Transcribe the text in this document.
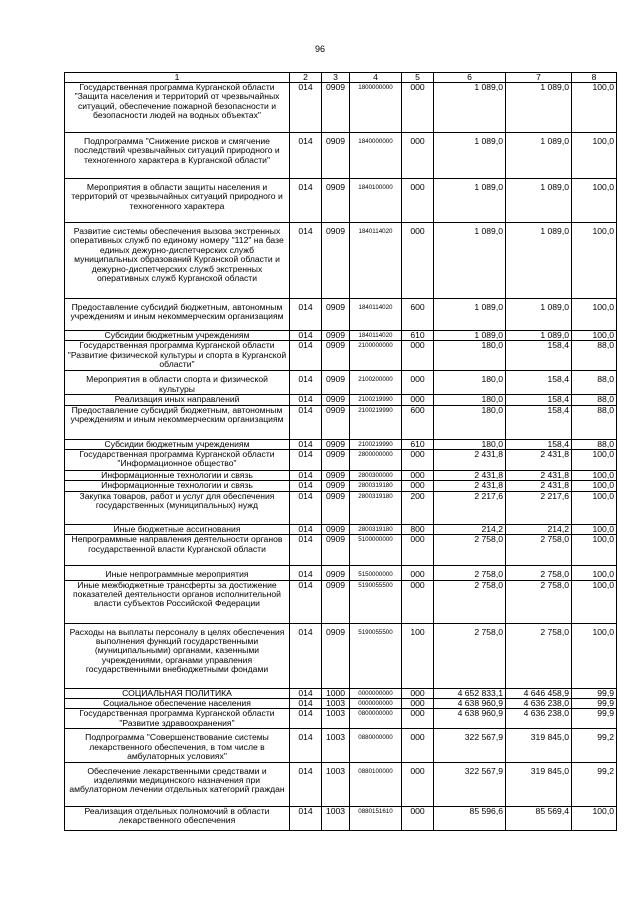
96
1	2	3	4	5	6	7	8
Государственная программа Курганской области "Защита населения и территорий от чрезвычайных ситуаций, обеспечение пожарной безопасности и безопасности людей на водных объектах"	014	0909	1800000000	000	1 089,0	1 089,0	100,0
Подпрограмма "Снижение рисков и смягчение последствий чрезвычайных ситуаций природного и техногенного характера в Курганской области"	014	0909	1840000000	000	1 089,0	1 089,0	100,0
Мероприятия в области защиты населения и территорий от чрезвычайных ситуаций природного и техногенного характера	014	0909	1840100000	000	1 089,0	1 089,0	100,0
Развитие системы обеспечения вызова экстренных оперативных служб по единому номеру "112" на базе единых дежурно-диспетчерских служб муниципальных образований Курганской области и дежурно-диспетчерских служб экстренных оперативных служб Курганской области	014	0909	1840114020	000	1 089,0	1 089,0	100,0
Предоставление субсидий бюджетным, автономным учреждениям и иным некоммерческим организациям	014	0909	1840114020	600	1 089,0	1 089,0	100,0
Субсидии бюджетным учреждениям	014	0909	1840114020	610	1 089,0	1 089,0	100,0
Государственная программа Курганской области "Развитие физической культуры и спорта в Курганской области"	014	0909	2100000000	000	180,0	158,4	88,0
Мероприятия в области спорта и физической культуры	014	0909	2100200000	000	180,0	158,4	88,0
Реализация иных направлений	014	0909	2100219990	000	180,0	158,4	88,0
Предоставление субсидий бюджетным, автономным учреждениям и иным некоммерческим организациям	014	0909	2100219990	600	180,0	158,4	88,0
Субсидии бюджетным учреждениям	014	0909	2100219990	610	180,0	158,4	88,0
Государственная программа Курганской области "Информационное общество"	014	0909	2800000000	000	2 431,8	2 431,8	100,0
Информационные технологии и связь	014	0909	2800300000	000	2 431,8	2 431,8	100,0
Информационные технологии и связь	014	0909	2800319180	000	2 431,8	2 431,8	100,0
Закупка товаров, работ и услуг для обеспечения государственных (муниципальных) нужд	014	0909	2800319180	200	2 217,6	2 217,6	100,0
Иные бюджетные ассигнования	014	0909	2800319180	800	214,2	214,2	100,0
Непрограммные направления деятельности органов государственной власти Курганской области	014	0909	5100000000	000	2 758,0	2 758,0	100,0
Иные непрограммные мероприятия	014	0909	5150000000	000	2 758,0	2 758,0	100,0
Иные межбюджетные трансферты за достижение показателей деятельности органов исполнительной власти субъектов Российской Федерации	014	0909	5190055500	000	2 758,0	2 758,0	100,0
Расходы на выплаты персоналу в целях обеспечения выполнения функций государственными (муниципальными) органами, казенными учреждениями, органами управления государственными внебюджетными фондами	014	0909	5190055500	100	2 758,0	2 758,0	100,0
СОЦИАЛЬНАЯ ПОЛИТИКА	014	1000	0000000000	000	4 652 833,1	4 646 458,9	99,9
Социальное обеспечение населения	014	1003	0000000000	000	4 638 960,9	4 636 238,0	99,9
Государственная программа Курганской области "Развитие здравоохранения"	014	1003	0800000000	000	4 638 960,9	4 636 238,0	99,9
Подпрограмма "Совершенствование системы лекарственного обеспечения, в том числе в амбулаторных условиях"	014	1003	0880000000	000	322 567,9	319 845,0	99,2
Обеспечение лекарственными средствами и изделиями медицинского назначения при амбулаторном лечении отдельных категорий граждан	014	1003	0880100000	000	322 567,9	319 845,0	99,2
Реализация отдельных полномочий в области лекарственного обеспечения	014	1003	0880151610	000	85 596,6	85 569,4	100,0
